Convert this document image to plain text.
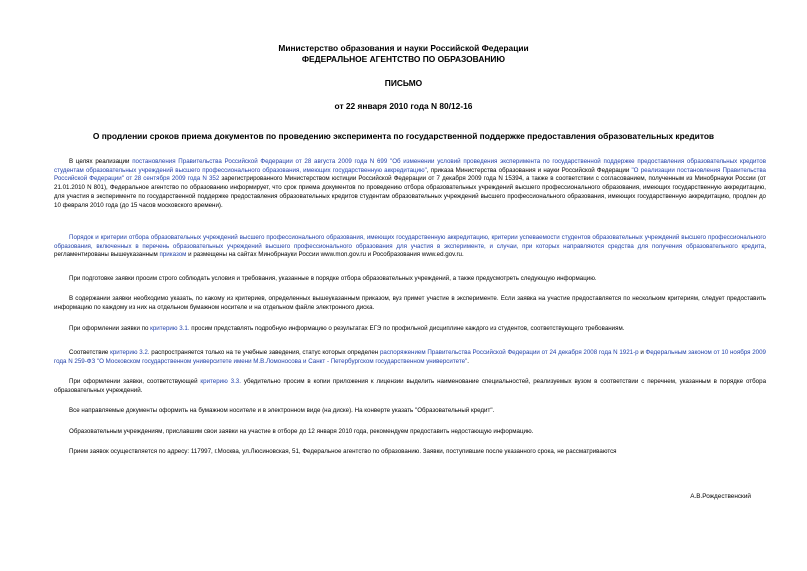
Министерство образования и науки Российской Федерации
ФЕДЕРАЛЬНОЕ АГЕНТСТВО ПО ОБРАЗОВАНИЮ
ПИСЬМО
от 22 января 2010 года N 80/12-16
О продлении сроков приема документов по проведению эксперимента по государственной поддержке предоставления образовательных кредитов

В целях реализации постановления Правительства Российской Федерации от 28 августа 2009 года N 699 "Об изменении условий проведения эксперимента по государственной поддержке предоставления образовательных кредитов студентам образовательных учреждений высшего профессионального образования, имеющих государственную аккредитацию", приказа Министерства образования и науки Российской Федерации "О реализации постановления Правительства Российской Федерации" от 28 сентября 2009 года N 352 зарегистрированного Министерством юстиции Российской Федерации от 7 декабря 2009 года N 15394, а также в соответствии с согласованием, полученным из Минобрнауки России (от 21.01.2010 N 801), Федеральное агентство по образованию информирует, что срок приема документов по проведению отбора образовательных учреждений высшего профессионального образования, имеющих государственную аккредитацию, для участия в эксперименте по государственной поддержке предоставления образовательных кредитов студентам образовательных учреждений высшего профессионального образования, имеющих государственную аккредитацию, продлен до 10 февраля 2010 года (до 15 часов московского времени).

Порядок и критерии отбора образовательных учреждений высшего профессионального образования, имеющих государственную аккредитацию, критерии успеваемости студентов образовательных учреждений высшего профессионального образования, включенных в перечень образовательных учреждений высшего профессионального образования для участия в эксперименте, и случаи, при которых направляются средства для получения образовательного кредита, регламентированы вышеуказанным приказом и размещены на сайтах Минобрнауки России www.mon.gov.ru и Рособразования www.ed.gov.ru.

При подготовке заявки просим строго соблюдать условия и требования, указанные в порядке отбора образовательных учреждений, а также предусмотреть следующую информацию.

В содержании заявки необходимо указать, по какому из критериев, определенных вышеуказанным приказом, вуз примет участие в эксперименте. Если заявка на участие предоставляется по нескольким критериям, следует предоставить информацию по каждому из них на отдельном бумажном носителе и на отдельном файле электронного диска.

При оформлении заявки по критерию 3.1. просим представлять подробную информацию о результатах ЕГЭ по профильной дисциплине каждого из студентов, соответствующего требованиям.

Соответствие критерию 3.2. распространяется только на те учебные заведения, статус которых определен распоряжением Правительства Российской Федерации от 24 декабря 2008 года N 1921-р и Федеральным законом от 10 ноября 2009 года N 259-ФЗ "О Московском государственном университете имени М.В.Ломоносова и Санкт - Петербургском государственном университете".

При оформлении заявки, соответствующей критерию 3.3. убедительно просим в копии приложения к лицензии выделить наименование специальностей, реализуемых вузом в соответствии с перечнем, указанным в порядке отбора образовательных учреждений.

Все направляемые документы оформить на бумажном носителе и в электронном виде (на диске). На конверте указать "Образовательный кредит".

Образовательным учреждениям, приславшим свои заявки на участие в отборе до 12 января 2010 года, рекомендуем предоставить недостающую информацию.

Прием заявок осуществляется по адресу: 117997, г.Москва, ул.Люсиновская, 51, Федеральное агентство по образованию. Заявки, поступившие после указанного срока, не рассматриваются

А.В.Рождественский
